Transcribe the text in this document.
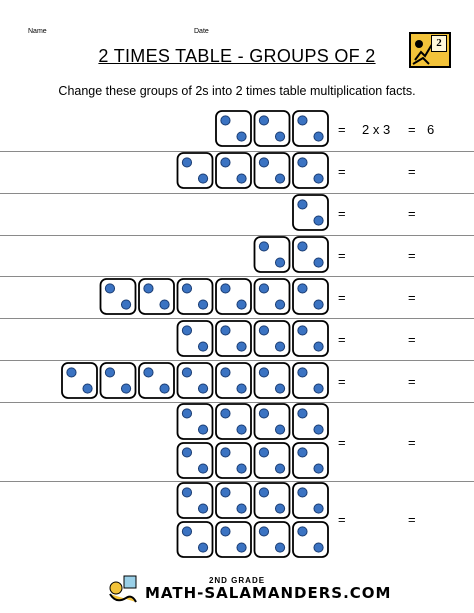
Name	Date
2
2 TIMES TABLE - GROUPS OF 2
Change these groups of 2s into 2 times table multiplication facts.
= 2 x 3 = 6
=	=
=	=
=	=
=	=
=	=
=	=
=	=
=	=
2ND GRADE
MATH-SALAMANDERS.COM
